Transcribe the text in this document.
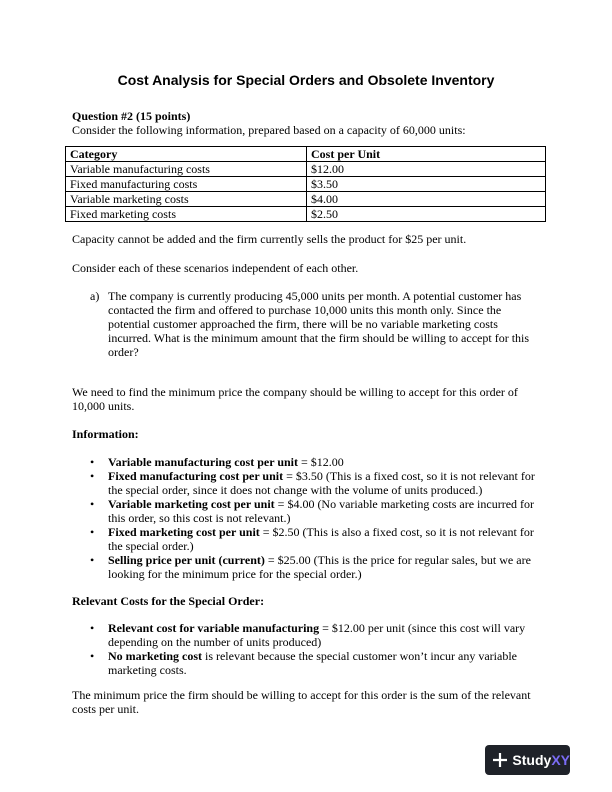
Cost Analysis for Special Orders and Obsolete Inventory
Question #2 (15 points)
Consider the following information, prepared based on a capacity of 60,000 units:
Category	Cost per Unit
Variable manufacturing costs	$12.00
Fixed manufacturing costs	$3.50
Variable marketing costs	$4.00
Fixed marketing costs	$2.50
Capacity cannot be added and the firm currently sells the product for $25 per unit.
Consider each of these scenarios independent of each other.
a) The company is currently producing 45,000 units per month. A potential customer has contacted the firm and offered to purchase 10,000 units this month only. Since the potential customer approached the firm, there will be no variable marketing costs incurred. What is the minimum amount that the firm should be willing to accept for this order?
We need to find the minimum price the company should be willing to accept for this order of 10,000 units.
Information:
• Variable manufacturing cost per unit = $12.00
• Fixed manufacturing cost per unit = $3.50 (This is a fixed cost, so it is not relevant for the special order, since it does not change with the volume of units produced.)
• Variable marketing cost per unit = $4.00 (No variable marketing costs are incurred for this order, so this cost is not relevant.)
• Fixed marketing cost per unit = $2.50 (This is also a fixed cost, so it is not relevant for the special order.)
• Selling price per unit (current) = $25.00 (This is the price for regular sales, but we are looking for the minimum price for the special order.)
Relevant Costs for the Special Order:
• Relevant cost for variable manufacturing = $12.00 per unit (since this cost will vary depending on the number of units produced)
• No marketing cost is relevant because the special customer won’t incur any variable marketing costs.
The minimum price the firm should be willing to accept for this order is the sum of the relevant costs per unit.
Study XY
